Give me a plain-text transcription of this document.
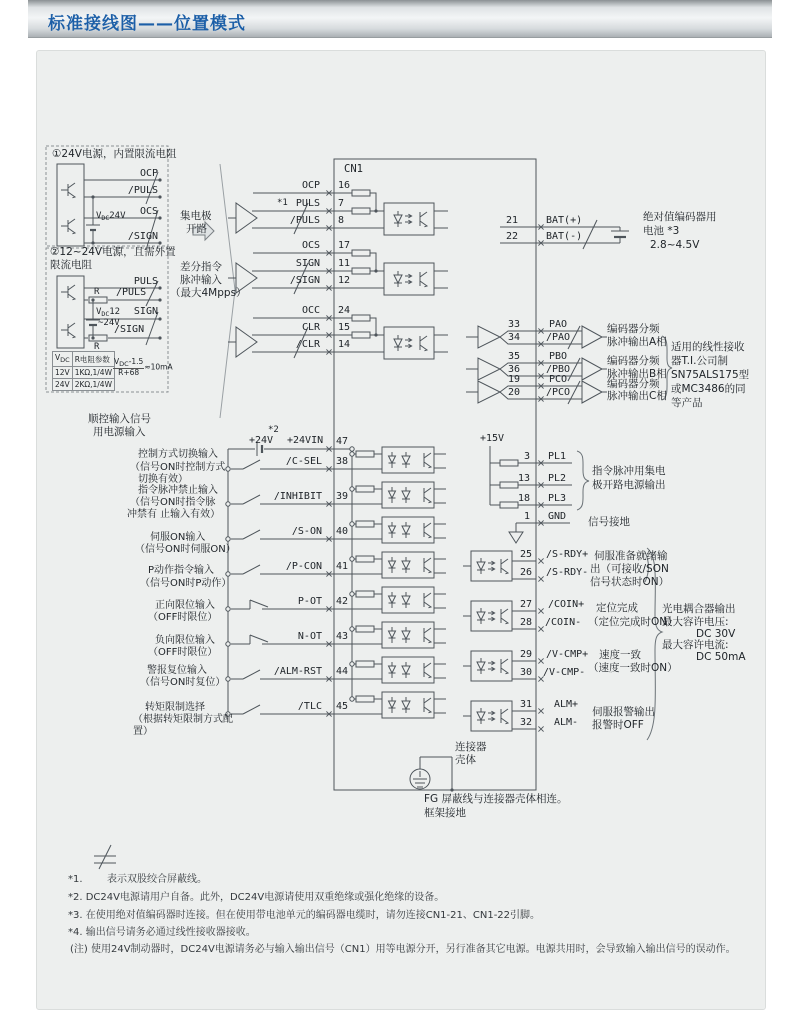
标准接线图——位置模式
①24V电源，内置限流电阻
OCP
/PULS
OCS
/SIGN
$V_{DC}24V$
②12~24V电源，且需外置
限流电阻
PULS
R /PULS
SIGN
$V_{DC}12$
~24V
/SIGN
R
VDC	R电阻参数
12V	1KΩ,1/4W
24V	2KΩ,1/4W
$\frac{\text{VDC-1.5}}{R+68} \approx 10mA$
集电极
开路
差分指令
脉冲输入
（最大4Mpps）
CN1
*1
OCP 16
PULS 7
/PULS 8
OCS 17
SIGN 11
/SIGN 12
OCC 24
CLR 15
/CLR 14
21	BAT(+)
22	BAT(-)
绝对值编码器用
电池 *3
2.8~4.5V
33	PAO
34	/PAO
35	PBO
36	/PBO
19	PCO
20	/PCO
编码器分频
脉冲输出A相
编码器分频
脉冲输出B相
编码器分频
脉冲输出C相
适用的线性接收
器T.I.公司制
SN75ALS175型
或MC3486的同
等产品
顺控输入信号
用电源输入
+24V
*2
+24VIN 47
控制方式切换输入
（信号ON时控制方式
切换有效）
/C-SEL 38
指令脉冲禁止输入
（信号ON时指令脉
冲禁有 止输入有效）
/INHIBIT 39
伺服ON输入
（信号ON时伺服ON）
/S-ON 40
P动作指令输入
（信号ON时P动作）
/P-CON 41
正向限位输入
（OFF时限位）
P-OT 42
负向限位输入
（OFF时限位）
N-OT 43
警报复位输入
（信号ON时复位）
/ALM-RST 44
转矩限制选择
（根据转矩限制方式配
置）
/TLC 45
+15V
3 PL1
13 PL2
18 PL3
指令脉冲用集电
极开路电源输出
1 GND 信号接地
25 /S-RDY+
26 /S-RDY-
伺服准备就绪输
出（可接收/SON
信号状态时ON）
27 /COIN+
28 /COIN-
定位完成
（定位完成时ON）
29 /V-CMP+
30 /V-CMP-
速度一致
（速度一致时ON）
31 ALM+
32 ALM-
伺服报警输出
报警时OFF
光电耦合器输出
最大容许电压:
DC 30V
最大容许电流:
DC 50mA
连接器
壳体
FG 屏蔽线与连接器壳体相连。
框架接地
*1. 表示双股绞合屏蔽线。
*2. DC24V电源请用户自备。此外，DC24V电源请使用双重绝缘或强化绝缘的设备。
*3. 在使用绝对值编码器时连接。但在使用带电池单元的编码器电缆时，请勿连接CN1-21、CN1-22引脚。
*4. 输出信号请务必通过线性接收器接收。
(注) 使用24V制动器时，DC24V电源请务必与输入输出信号（CN1）用等电源分开，另行准备其它电源。电源共用时，会导致输入输出信号的误动作。
